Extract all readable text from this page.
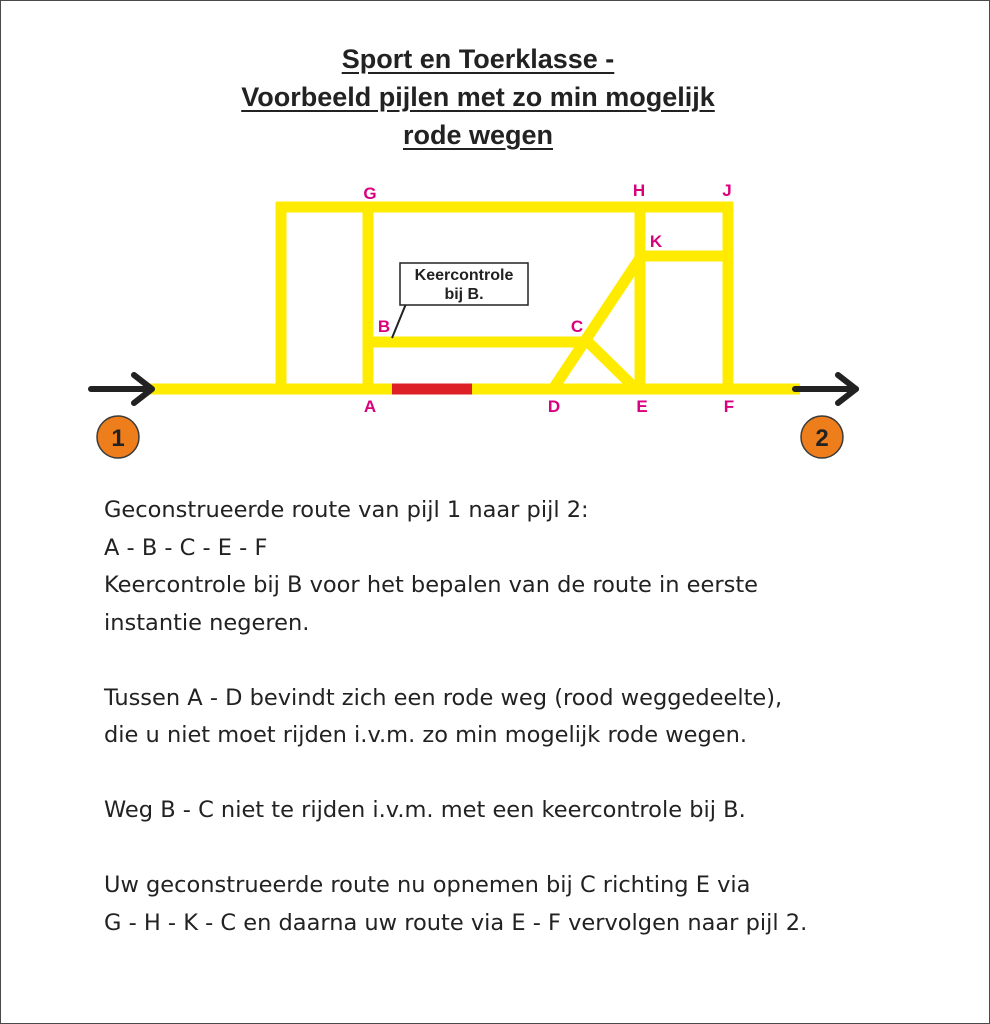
Sport en Toerklasse -
Voorbeeld pijlen met zo min mogelijk
rode wegen
1	2
Keercontrole
bij B.
G	H	J
K
B	C
A	D	E	F
Geconstrueerde route van pijl 1 naar pijl 2:
A - B - C - E - F
Keercontrole bij B voor het bepalen van de route in eerste
instantie negeren.
Tussen A - D bevindt zich een rode weg (rood weggedeelte),
die u niet moet rijden i.v.m. zo min mogelijk rode wegen.
Weg B - C niet te rijden i.v.m. met een keercontrole bij B.
Uw geconstrueerde route nu opnemen bij C richting E via
G - H - K - C en daarna uw route via E - F vervolgen naar pijl 2.
